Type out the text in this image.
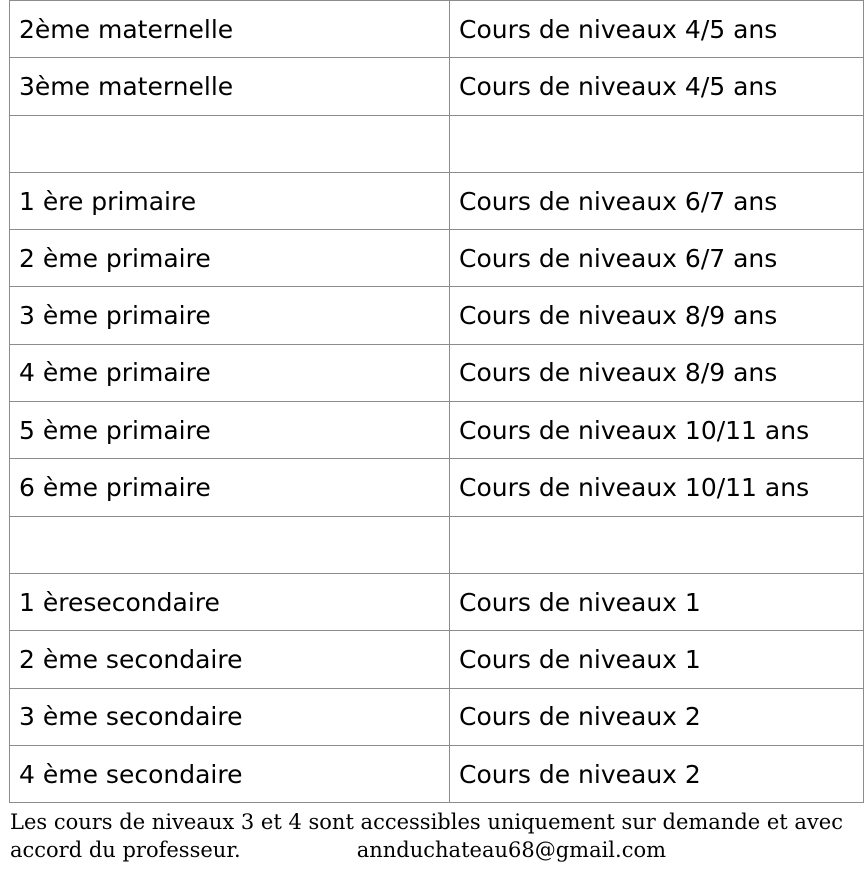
2ème maternelle	Cours de niveaux 4/5 ans
3ème maternelle	Cours de niveaux 4/5 ans

1 ère primaire	Cours de niveaux 6/7 ans
2 ème primaire	Cours de niveaux 6/7 ans
3 ème primaire	Cours de niveaux 8/9 ans
4 ème primaire	Cours de niveaux 8/9 ans
5 ème primaire	Cours de niveaux 10/11 ans
6 ème primaire	Cours de niveaux 10/11 ans

1 èresecondaire	Cours de niveaux 1
2 ème secondaire	Cours de niveaux 1
3 ème secondaire	Cours de niveaux 2
4 ème secondaire	Cours de niveaux 2
Les cours de niveaux 3 et 4 sont accessibles uniquement sur demande et avec
accord du professeur.	annduchateau68@gmail.com
